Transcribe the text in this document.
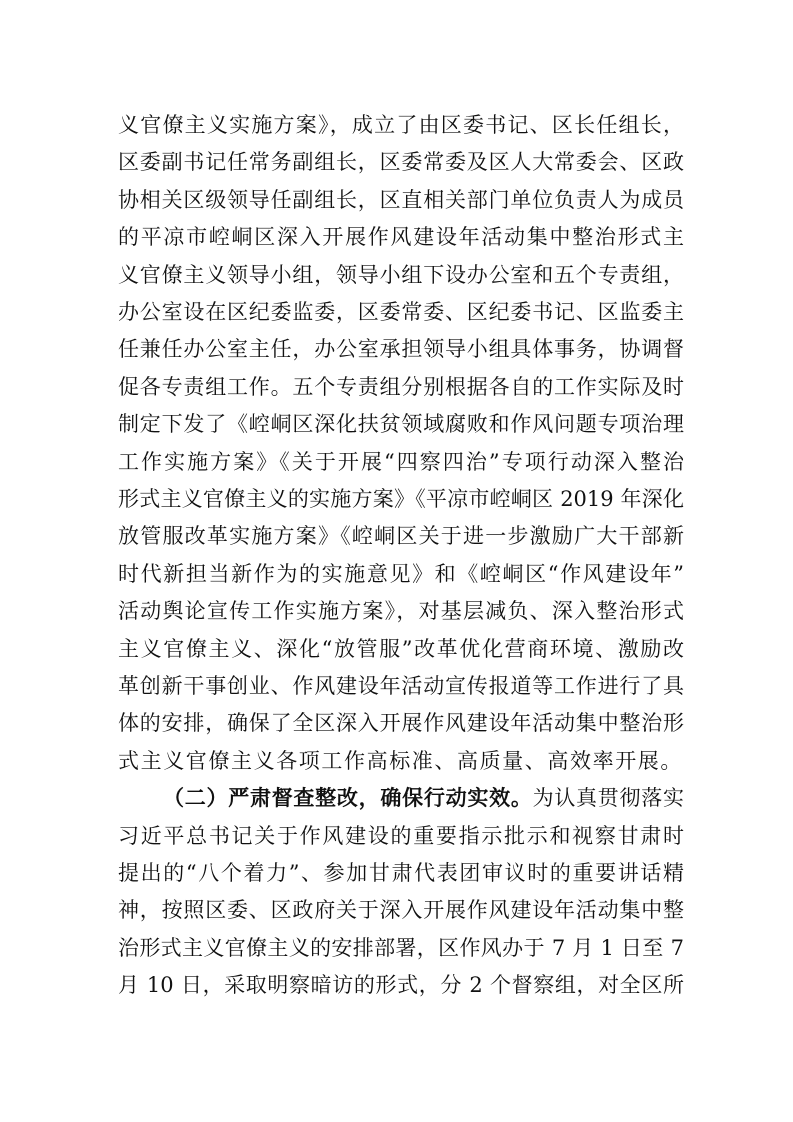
义官僚主义实施方案》，成立了由区委书记、区长任组长，
区委副书记任常务副组长，区委常委及区人大常委会、区政
协相关区级领导任副组长，区直相关部门单位负责人为成员
的平凉市崆峒区深入开展作风建设年活动集中整治形式主
义官僚主义领导小组，领导小组下设办公室和五个专责组，
办公室设在区纪委监委，区委常委、区纪委书记、区监委主
任兼任办公室主任，办公室承担领导小组具体事务，协调督
促各专责组工作。五个专责组分别根据各自的工作实际及时
制定下发了《崆峒区深化扶贫领域腐败和作风问题专项治理
工作实施方案》《关于开展“四察四治”专项行动深入整治
形式主义官僚主义的实施方案》《平凉市崆峒区 2019 年深化
放管服改革实施方案》《崆峒区关于进一步激励广大干部新
时代新担当新作为的实施意见》和《崆峒区“作风建设年”
活动舆论宣传工作实施方案》，对基层减负、深入整治形式
主义官僚主义、深化“放管服”改革优化营商环境、激励改
革创新干事创业、作风建设年活动宣传报道等工作进行了具
体的安排，确保了全区深入开展作风建设年活动集中整治形
式主义官僚主义各项工作高标准、高质量、高效率开展。
（二）严肃督查整改，确保行动实效。为认真贯彻落实
习近平总书记关于作风建设的重要指示批示和视察甘肃时
提出的“八个着力”、参加甘肃代表团审议时的重要讲话精
神，按照区委、区政府关于深入开展作风建设年活动集中整
治形式主义官僚主义的安排部署，区作风办于 7 月 1 日至 7
月 10 日，采取明察暗访的形式，分 2 个督察组，对全区所
